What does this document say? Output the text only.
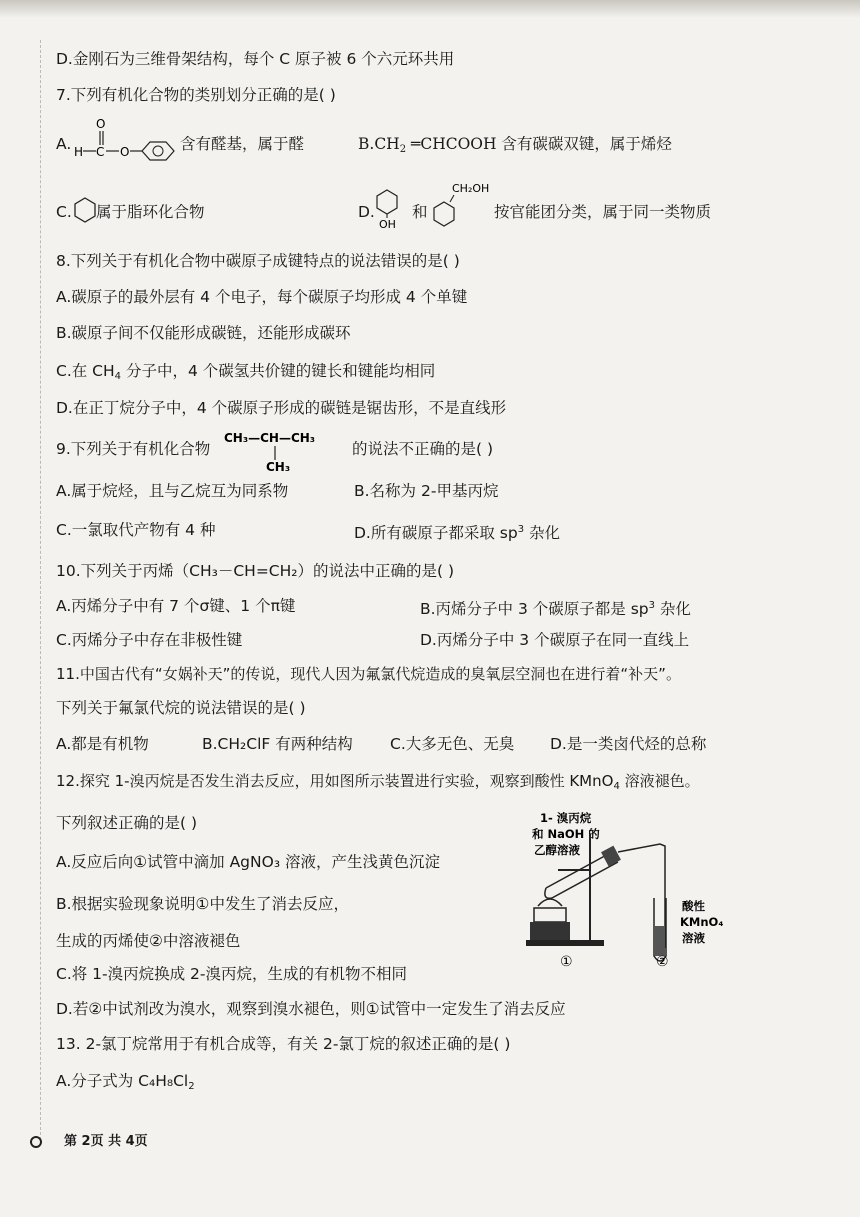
D.金刚石为三维骨架结构，每个 C 原子被 6 个六元环共用
7.下列有机化合物的类别划分正确的是( )
A.
O
H C O	含有醛基，属于醛	$B.CH_2$ ═CHCOOH 含有碳碳双键，属于烯烃
C. 属于脂环化合物	D.
OH
和
CH₂OH
按官能团分类，属于同一类物质
8.下列关于有机化合物中碳原子成键特点的说法错误的是( )
A.碳原子的最外层有 4 个电子，每个碳原子均形成 4 个单键
B.碳原子间不仅能形成碳链，还能形成碳环
C.在 $CH_4$ 分子中，4 个碳氢共价键的键长和键能均相同
D.在正丁烷分子中，4 个碳原子形成的碳链是锯齿形，不是直线形
9.下列关于有机化合物
CH₃—CH—CH₃
CH₃
的说法不正确的是( )
A.属于烷烃，且与乙烷互为同系物	B.名称为 2-甲基丙烷
C.一氯取代产物有 4 种	D.所有碳原子都采取 $sp^3$ 杂化
10.下列关于丙烯（CH₃－CH=CH₂）的说法中正确的是( )
A.丙烯分子中有 7 个σ键、1 个π键	B.丙烯分子中 3 个碳原子都是 $sp^3$ 杂化
C.丙烯分子中存在非极性键	D.丙烯分子中 3 个碳原子在同一直线上
11.中国古代有“女娲补天”的传说，现代人因为氟氯代烷造成的臭氧层空洞也在进行着“补天”。
下列关于氟氯代烷的说法错误的是( )
A.都是有机物	B.CH₂ClF 有两种结构 C.大多无色、无臭 D.是一类卤代烃的总称
12.探究 1-溴丙烷是否发生消去反应，用如图所示装置进行实验，观察到酸性 KMnO$_4$ 溶液褪色。
下列叙述正确的是( )
A.反应后向①试管中滴加 AgNO₃ 溶液，产生浅黄色沉淀
B.根据实验现象说明①中发生了消去反应，
生成的丙烯使②中溶液褪色
1- 溴丙烷
和 NaOH 的
乙醇溶液
酸性
KMnO₄
溶液
①	②
C.将 1-溴丙烷换成 2-溴丙烷，生成的有机物不相同
D.若②中试剂改为溴水，观察到溴水褪色，则①试管中一定发生了消去反应
13. 2-氯丁烷常用于有机合成等，有关 2-氯丁烷的叙述正确的是( )
A.分子式为 $C_4H_8Cl_2$
第 2页 共 4页
